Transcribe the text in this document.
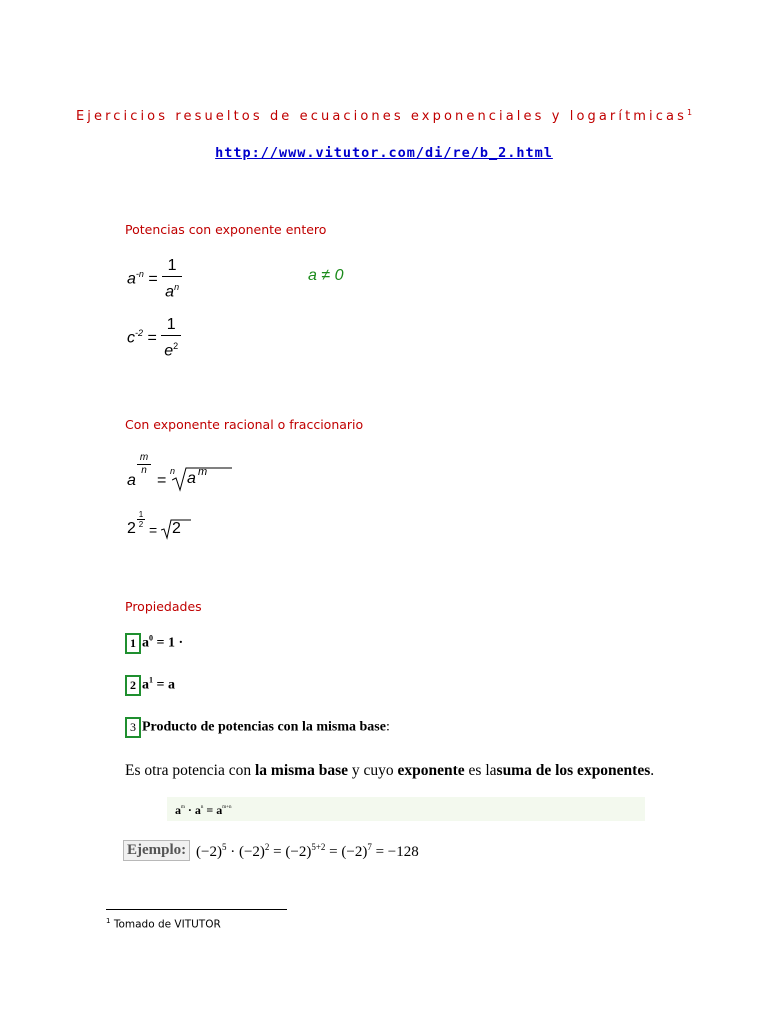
Ejercicios resueltos de ecuaciones exponenciales y logarítmicas$^1$
http://www.vitutor.com/di/re/b_2.html
Potencias con exponente entero
$a^{-n} = \frac{1}{a^n}$	a ≠ 0
$c^{-2} = \frac{1}{e^2}$
Con exponente racional o fraccionario
a
m
n
=
n a m
2
1
2 = 2
Propiedades
1 $a^0 = 1$ ·
2 $a^1 = a$
3 Producto de potencias con la misma base:
Es otra potencia con la misma base y cuyo exponente es lasuma de los exponentes.
$a^m \cdot a^n = a^{m+n}$
Ejemplo: $(-2)^5 \cdot (-2)^2 = (-2)^{5+2} = (-2)^7 = -128$
$^1$ Tomado de VITUTOR
